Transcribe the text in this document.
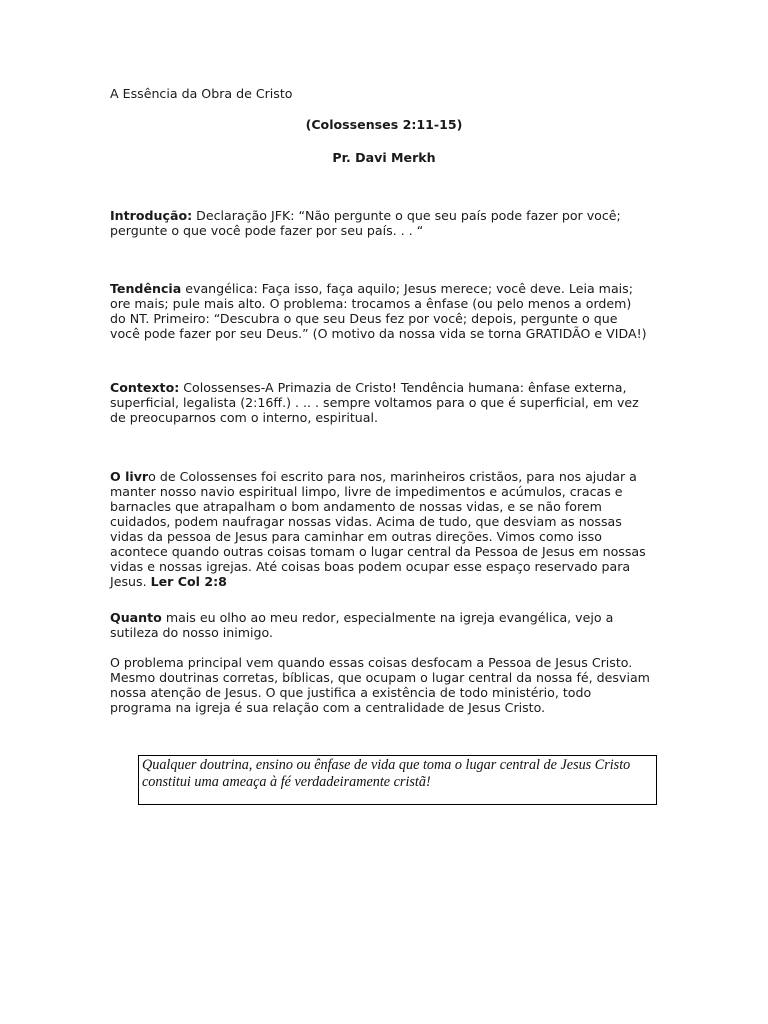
A Essência da Obra de Cristo

(Colossenses 2:11-15)

Pr. Davi Merkh

Introdução: Declaração JFK: “Não pergunte o que seu país pode fazer por você; pergunte o que você pode fazer por seu país. . . “

Tendência evangélica: Faça isso, faça aquilo; Jesus merece; você deve. Leia mais; ore mais; pule mais alto. O problema: trocamos a ênfase (ou pelo menos a ordem) do NT. Primeiro: “Descubra o que seu Deus fez por você; depois, pergunte o que você pode fazer por seu Deus.” (O motivo da nossa vida se torna GRATIDÃO e VIDA!)

Contexto: Colossenses-A Primazia de Cristo! Tendência humana: ênfase externa, superficial, legalista (2:16ff.) . .. . sempre voltamos para o que é superficial, em vez de preocuparnos com o interno, espiritual.

O livro de Colossenses foi escrito para nos, marinheiros cristãos, para nos ajudar a manter nosso navio espiritual limpo, livre de impedimentos e acúmulos, cracas e barnacles que atrapalham o bom andamento de nossas vidas, e se não forem cuidados, podem naufragar nossas vidas. Acima de tudo, que desviam as nossas vidas da pessoa de Jesus para caminhar em outras direções. Vimos como isso acontece quando outras coisas tomam o lugar central da Pessoa de Jesus em nossas vidas e nossas igrejas. Até coisas boas podem ocupar esse espaço reservado para Jesus. Ler Col 2:8

Quanto mais eu olho ao meu redor, especialmente na igreja evangélica, vejo a sutileza do nosso inimigo.

O problema principal vem quando essas coisas desfocam a Pessoa de Jesus Cristo. Mesmo doutrinas corretas, bíblicas, que ocupam o lugar central da nossa fé, desviam nossa atenção de Jesus. O que justifica a existência de todo ministério, todo programa na igreja é sua relação com a centralidade de Jesus Cristo.

Qualquer doutrina, ensino ou ênfase de vida que toma o lugar central de Jesus Cristo constitui uma ameaça à fé verdadeiramente cristã!
